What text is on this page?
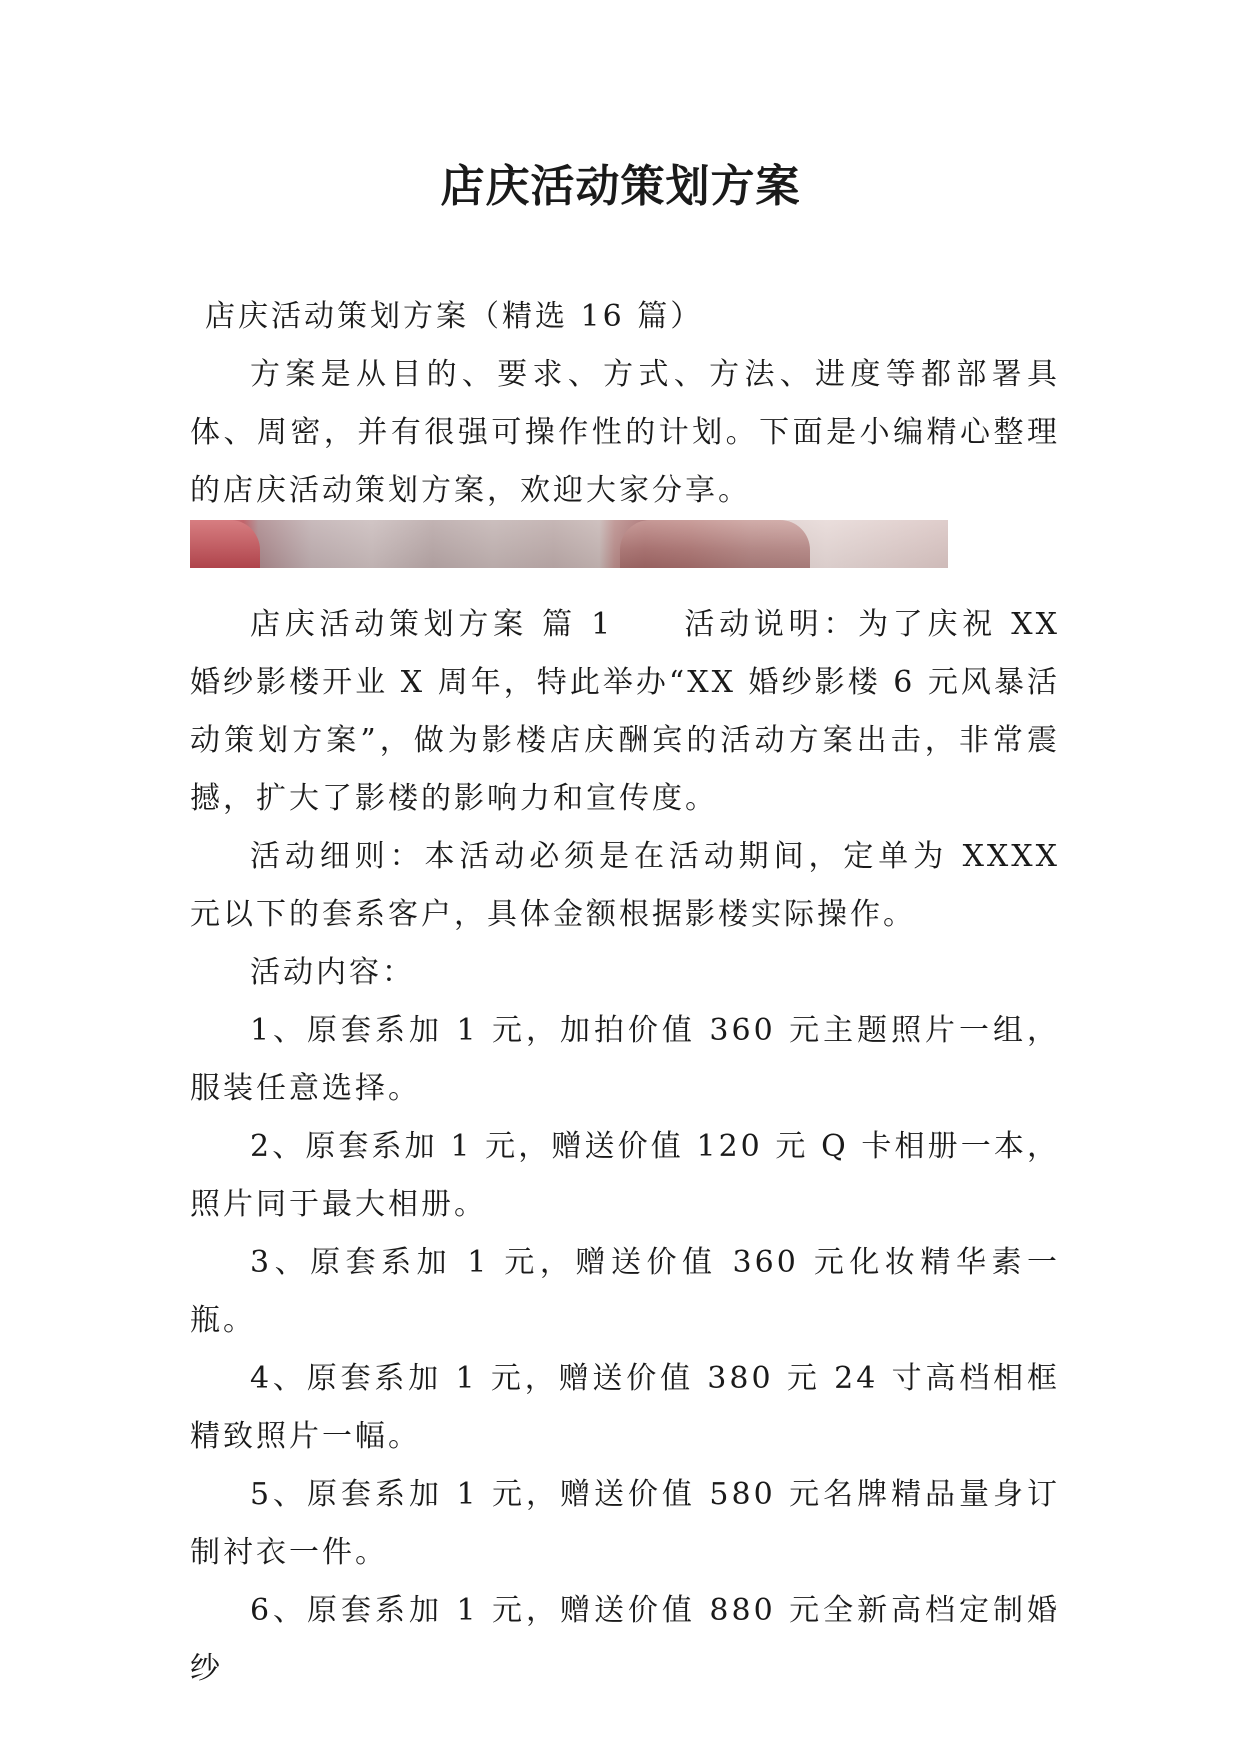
店庆活动策划方案

店庆活动策划方案（精选 16 篇）

方案是从目的、要求、方式、方法、进度等都部署具体、周密，并有很强可操作性的计划。下面是小编精心整理的店庆活动策划方案，欢迎大家分享。

店庆活动策划方案 篇 1　　活动说明：为了庆祝 XX 婚纱影楼开业 X 周年，特此举办“XX 婚纱影楼 6 元风暴活动策划方案”，做为影楼店庆酬宾的活动方案出击，非常震撼，扩大了影楼的影响力和宣传度。

活动细则：本活动必须是在活动期间，定单为 XXXX 元以下的套系客户，具体金额根据影楼实际操作。

活动内容：

1、原套系加 1 元，加拍价值 360 元主题照片一组，服装任意选择。

2、原套系加 1 元，赠送价值 120 元 Q 卡相册一本，照片同于最大相册。

3、原套系加 1 元，赠送价值 360 元化妆精华素一瓶。

4、原套系加 1 元，赠送价值 380 元 24 寸高档相框精致照片一幅。

5、原套系加 1 元，赠送价值 580 元名牌精品量身订制衬衣一件。

6、原套系加 1 元，赠送价值 880 元全新高档定制婚纱
